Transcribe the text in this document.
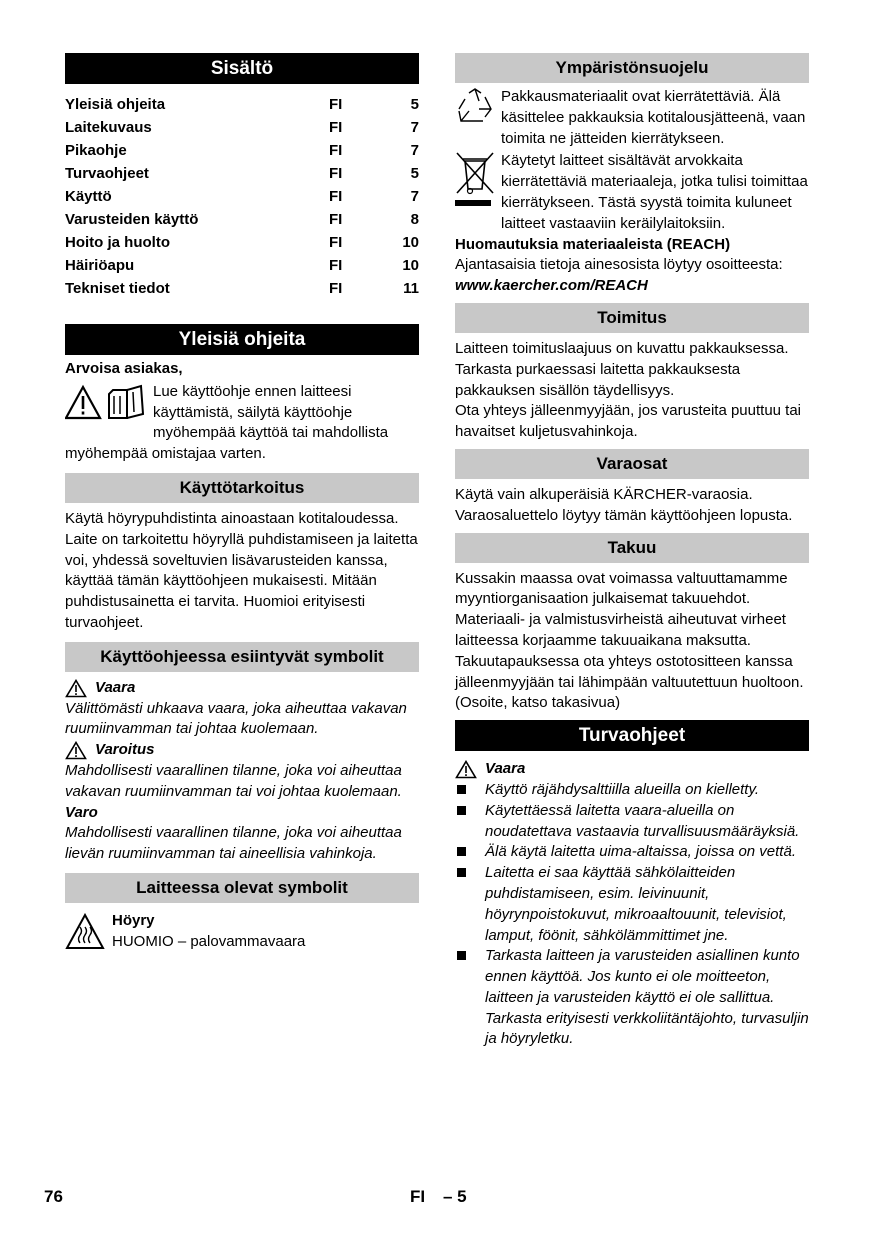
Sisältö
Yleisiä ohjeita	FI	5
Laitekuvaus	FI	7
Pikaohje	FI	7
Turvaohjeet	FI	5
Käyttö	FI	7
Varusteiden käyttö	FI	8
Hoito ja huolto	FI	10
Häiriöapu	FI	10
Tekniset tiedot	FI	11
Yleisiä ohjeita

Arvoisa asiakas,

Lue käyttöohje ennen laitteesi käyttämistä, säilytä käyttöohje myöhempää käyttöä tai mahdollista myöhempää omistajaa varten.
Käyttötarkoitus

Käytä höyrypuhdistinta ainoastaan kotitaloudessa.

Laite on tarkoitettu höyryllä puhdistamiseen ja laitetta voi, yhdessä soveltuvien lisävarusteiden kanssa, käyttää tämän käyttöohjeen mukaisesti. Mitään puhdistusainetta ei tarvita. Huomioi erityisesti turvaohjeet.

Käyttöohjeessa esiintyvät symbolit
Vaara

Välittömästi uhkaava vaara, joka aiheuttaa vakavan ruumiinvamman tai johtaa kuolemaan.

Varoitus

Mahdollisesti vaarallinen tilanne, joka voi aiheuttaa vakavan ruumiinvamman tai voi johtaa kuolemaan.

Varo

Mahdollisesti vaarallinen tilanne, joka voi aiheuttaa lievän ruumiinvamman tai aineellisia vahinkoja.

Laitteessa olevat symbolit

Höyry

HUOMIO – palovammavaara

Ympäristönsuojelu
Pakkausmateriaalit ovat kierrätettäviä. Älä käsittelee pakkauksia kotitalousjätteenä, vaan toimita ne jätteiden kierrätykseen.
Käytetyt laitteet sisältävät arvokkaita kierrätettäviä materiaaleja, jotka tulisi toimittaa kierrätykseen. Tästä syystä toimita kuluneet laitteet vastaaviin keräilylaitoksiin.

Huomautuksia materiaaleista (REACH)

Ajantasaisia tietoja ainesosista löytyy osoitteesta:

www.kaercher.com/REACH

Toimitus

Laitteen toimituslaajuus on kuvattu pakkauksessa. Tarkasta purkaessasi laitetta pakkauksesta pakkauksen sisällön täydellisyys.

Ota yhteys jälleenmyyjään, jos varusteita puuttuu tai havaitset kuljetusvahinkoja.

Varaosat

Käytä vain alkuperäisiä KÄRCHER-varaosia. Varaosaluettelo löytyy tämän käyttöohjeen lopusta.

Takuu

Kussakin maassa ovat voimassa valtuuttamamme myyntiorganisaation julkaisemat takuuehdot. Materiaali- ja valmistusvirheistä aiheutuvat virheet laitteessa korjaamme takuuaikana maksutta. Takuutapauksessa ota yhteys ostotositteen kanssa jälleenmyyjään tai lähimpään valtuutettuun huoltoon.

(Osoite, katso takasivua)

Turvaohjeet
Vaara
Käyttö räjähdysalttiilla alueilla on kielletty.
Käytettäessä laitetta vaara-alueilla on noudatettava vastaavia turvallisuusmääräyksiä.
Älä käytä laitetta uima-altaissa, joissa on vettä.
Laitetta ei saa käyttää sähkölaitteiden puhdistamiseen, esim. leivinuunit, höyrynpoistokuvut, mikroaaltouunit, televisiot, lamput, föönit, sähkölämmittimet jne.
Tarkasta laitteen ja varusteiden asiallinen kunto ennen käyttöä. Jos kunto ei ole moitteeton, laitteen ja varusteiden käyttö ei ole sallittua. Tarkasta erityisesti verkkoliitäntäjohto, turvasuljin ja höyryletku.
76	FI – 5
